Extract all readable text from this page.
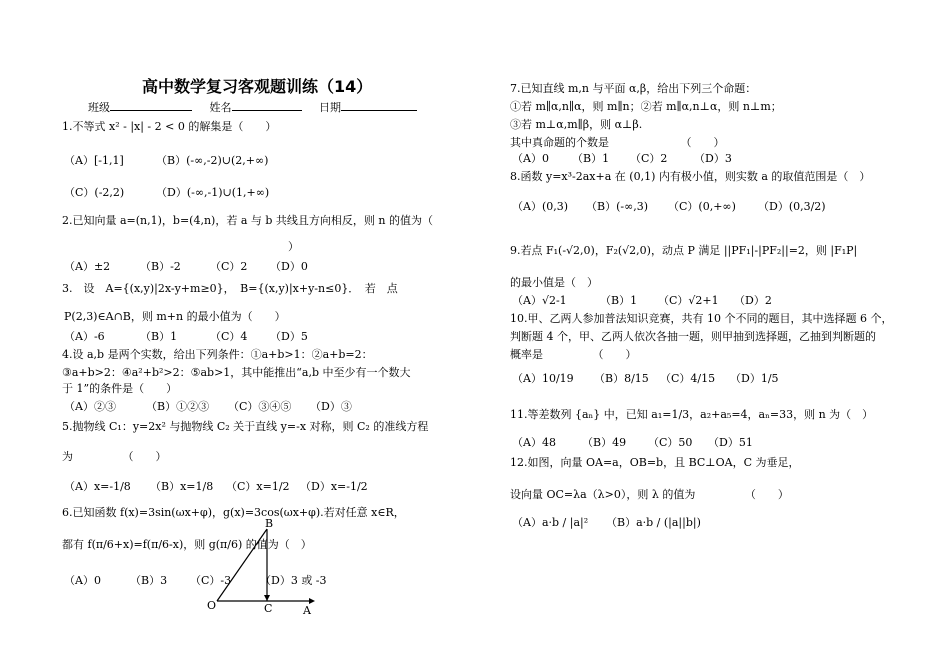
高中数学复习客观题训练（14）
班级	姓名	日期
1.不等式 x² - |x| - 2 < 0 的解集是（　　）
（A）[-1,1]	（B）(-∞,-2)∪(2,+∞)
（C）(-2,2)	（D）(-∞,-1)∪(1,+∞)
2.已知向量 a=(n,1)，b=(4,n)，若 a 与 b 共线且方向相反，则 n 的值为（
）
（A）±2	（B）-2	（C）2 （D）0
3.　设　A={(x,y)|2x-y+m≥0}，　B={(x,y)|x+y-n≤0}．　若　点
P(2,3)∈A∩B，则 m+n 的最小值为（　　）
（A）-6	（B）1	（C）4 （D）5
4.设 a,b 是两个实数，给出下列条件：①a+b>1：②a+b=2：
③a+b>2：④a²+b²>2：⑤ab>1，其中能推出“a,b 中至少有一个数大
于 1”的条件是（　　）
（A）②③	（B）①②③ （C）③④⑤ （D）③
5.抛物线 C₁：y=2x² 与抛物线 C₂ 关于直线 y=-x 对称，则 C₂ 的准线方程
为　　　　　（　　）
（A）x=-1/8 （B）x=1/8 （C）x=1/2 （D）x=-1/2
6.已知函数 f(x)=3sin(ωx+φ)，g(x)=3cos(ωx+φ).若对任意 x∈R，
都有 f(π/6+x)=f(π/6-x)，则 g(π/6) 的值为（　）
（A）0	（B）3 （C）-3	（D）3 或 -3
B
C
O	A
7.已知直线 m,n 与平面 α,β，给出下列三个命题：
①若 m∥α,n∥α，则 m∥n；②若 m∥α,n⊥α，则 n⊥m；
③若 m⊥α,m∥β，则 α⊥β.
其中真命题的个数是　　　　　　　（　　）
（A）0 （B）1 （C）2 （D）3
8.函数 y=x³-2ax+a 在 (0,1) 内有极小值，则实数 a 的取值范围是（　）
（A）(0,3) （B）(-∞,3) （C）(0,+∞) （D）(0,3/2)
9.若点 F₁(-√2,0)，F₂(√2,0)，动点 P 满足 ||PF₁|-|PF₂||=2，则 |F₁P|
的最小值是（　）
（A）√2-1	（B）1 （C）√2+1 （D）2
10.甲、乙两人参加普法知识竞赛，共有 10 个不同的题目，其中选择题 6 个，
判断题 4 个，甲、乙两人依次各抽一题，则甲抽到选择题，乙抽到判断题的
概率是　　　　　（　　）
（A）10/19 （B）8/15 （C）4/15 （D）1/5
11.等差数列 {aₙ} 中，已知 a₁=1/3，a₂+a₅=4，aₙ=33，则 n 为（　）
（A）48 （B）49 （C）50 （D）51
12.如图，向量 OA=a，OB=b，且 BC⊥OA，C 为垂足，
设向量 OC=λa（λ>0），则 λ 的值为　　　　　（　　）
（A）a·b / |a|² （B）a·b / (|a||b|)
